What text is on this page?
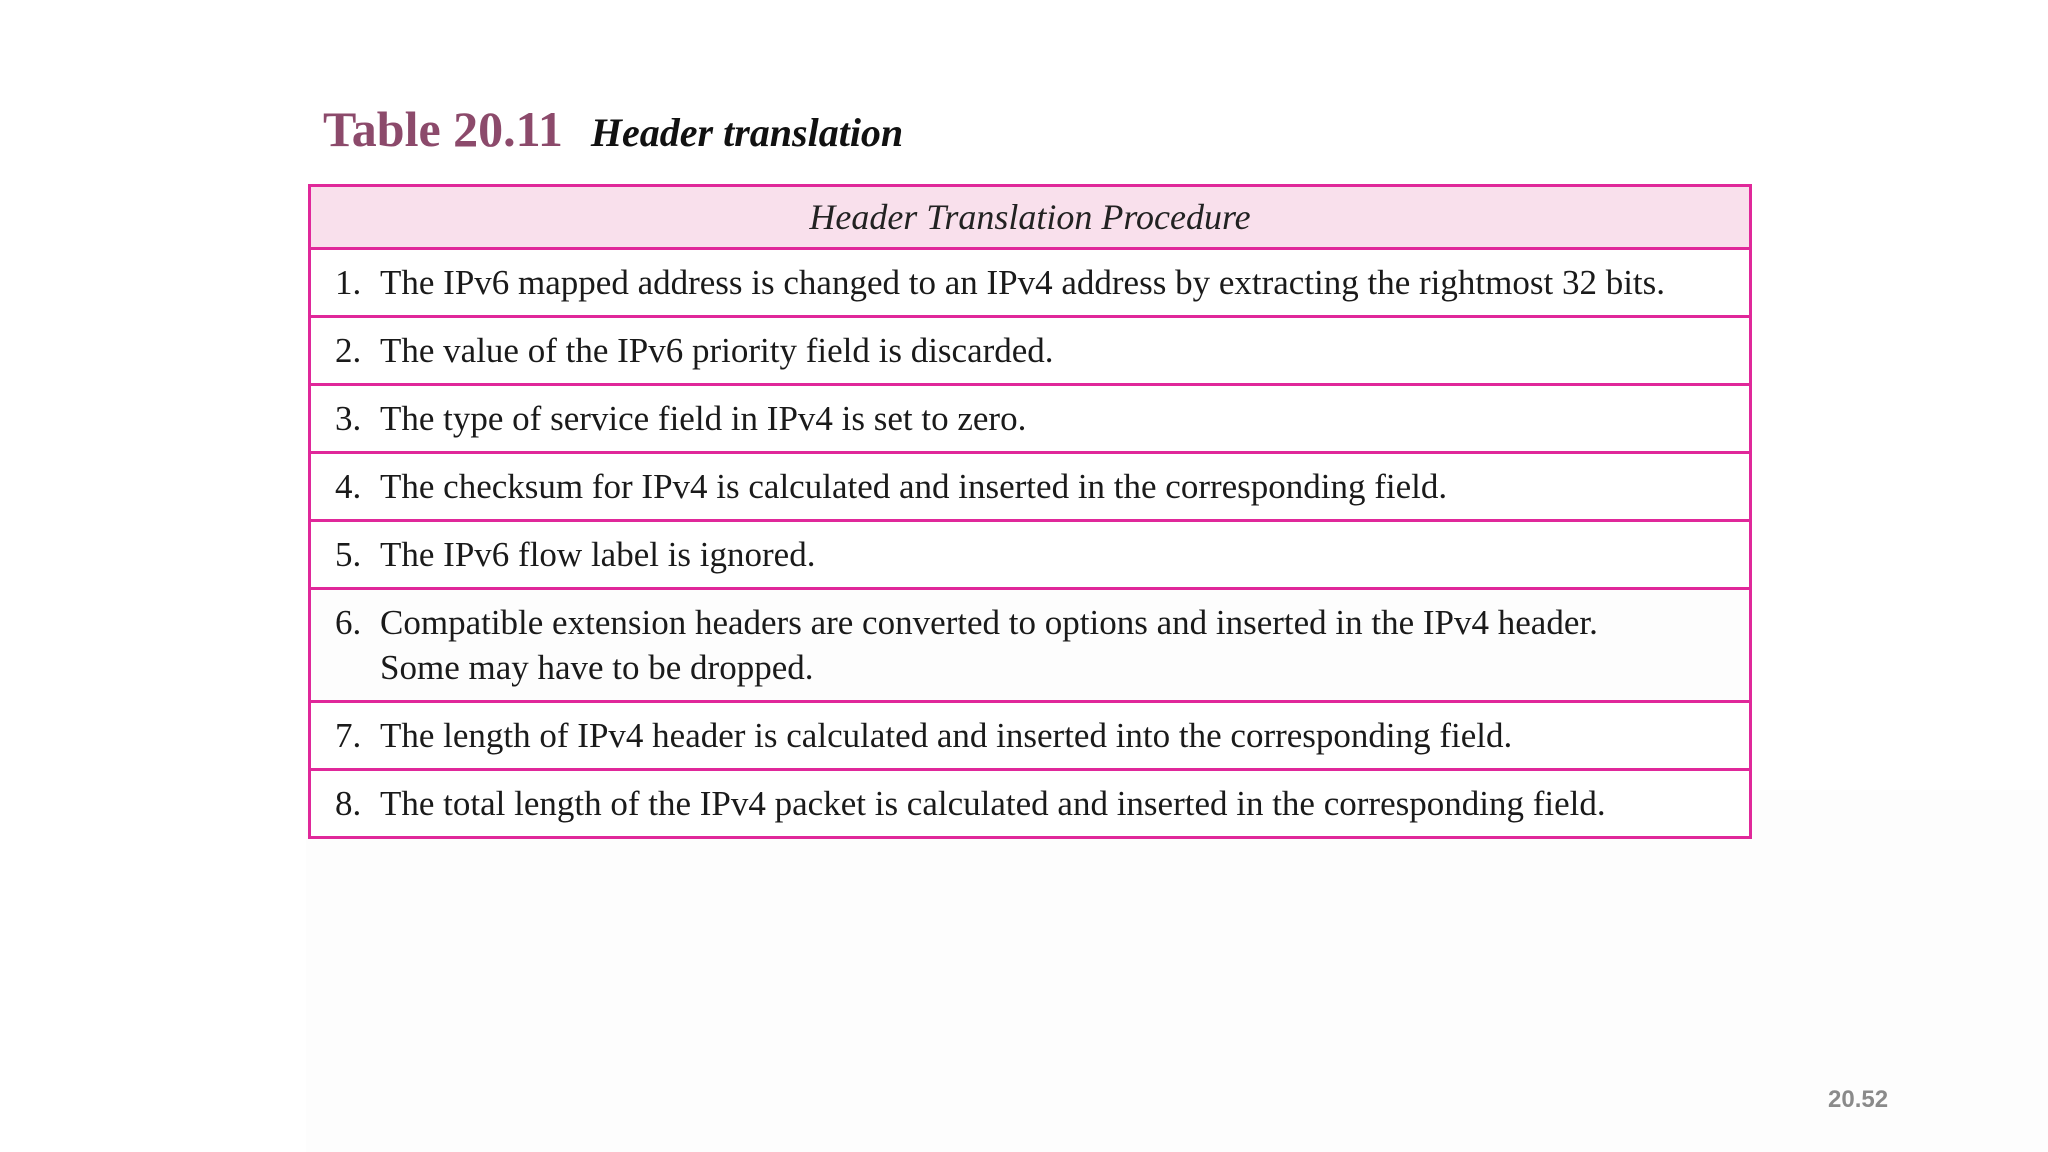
Table 20.11 Header translation
Header Translation Procedure
1. The IPv6 mapped address is changed to an IPv4 address by extracting the rightmost 32 bits.
2. The value of the IPv6 priority field is discarded.
3. The type of service field in IPv4 is set to zero.
4. The checksum for IPv4 is calculated and inserted in the corresponding field.
5. The IPv6 flow label is ignored.
6. Compatible extension headers are converted to options and inserted in the IPv4 header.
Some may have to be dropped.
7. The length of IPv4 header is calculated and inserted into the corresponding field.
8. The total length of the IPv4 packet is calculated and inserted in the corresponding field.
20.52
